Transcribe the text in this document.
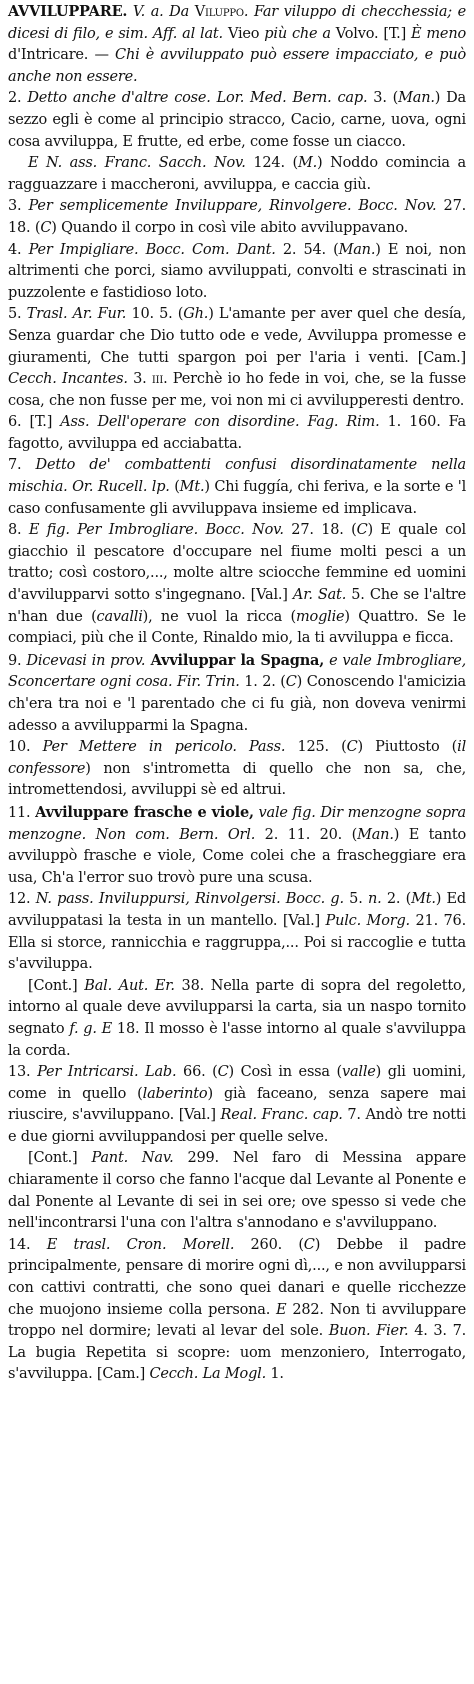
AVVILUPPARE. V. a. Da Viluppo. Far viluppo di checchessia; e dicesi di filo, e sim. Aff. al lat. Vieo più che a Volvo. [T.] È meno d'Intricare. — Chi è avviluppato può essere impacciato, e può anche non essere.

2. Detto anche d'altre cose. Lor. Med. Bern. cap. 3. (Man.) Da sezzo egli è come al principio stracco, Cacio, carne, uova, ogni cosa avviluppa, E frutte, ed erbe, come fosse un ciacco.

E N. ass. Franc. Sacch. Nov. 124. (M.) Noddo comincia a ragguazzare i maccheroni, avviluppa, e caccia giù.

3. Per semplicemente Inviluppare, Rinvolgere. Bocc. Nov. 27. 18. (C) Quando il corpo in così vile abito avviluppavano.

4. Per Impigliare. Bocc. Com. Dant. 2. 54. (Man.) E noi, non altrimenti che porci, siamo avviluppati, convolti e strascinati in puzzolente e fastidioso loto.

5. Trasl. Ar. Fur. 10. 5. (Gh.) L'amante per aver quel che desía, Senza guardar che Dio tutto ode e vede, Avviluppa promesse e giuramenti, Che tutti spargon poi per l'aria i venti. [Cam.] Cecch. Incantes. 3. iii. Perchè io ho fede in voi, che, se la fusse cosa, che non fusse per me, voi non mi ci avvilupperesti dentro.

6. [T.] Ass. Dell'operare con disordine. Fag. Rim. 1. 160. Fa fagotto, avviluppa ed acciabatta.

7. Detto de' combattenti confusi disordinatamente nella mischia. Or. Rucell. lp. (Mt.) Chi fuggía, chi feriva, e la sorte e 'l caso confusamente gli avviluppava insieme ed implicava.

8. E fig. Per Imbrogliare. Bocc. Nov. 27. 18. (C) E quale col giacchio il pescatore d'occupare nel fiume molti pesci a un tratto; così costoro,..., molte altre sciocche femmine ed uomini d'avvilupparvi sotto s'ingegnano. [Val.] Ar. Sat. 5. Che se l'altre n'han due (cavalli), ne vuol la ricca (moglie) Quattro. Se le compiaci, più che il Conte, Rinaldo mio, la ti avviluppa e ficca.

9. Dicevasi in prov. Avviluppar la Spagna, e vale Imbrogliare, Sconcertare ogni cosa. Fir. Trin. 1. 2. (C) Conoscendo l'amicizia ch'era tra noi e 'l parentado che ci fu già, non doveva venirmi adesso a avvilupparmi la Spagna.

10. Per Mettere in pericolo. Pass. 125. (C) Piuttosto (il confessore) non s'intrometta di quello che non sa, che, intromettendosi, avviluppi sè ed altrui.

11. Avviluppare frasche e viole, vale fig. Dir menzogne sopra menzogne. Non com. Bern. Orl. 2. 11. 20. (Man.) E tanto avviluppò frasche e viole, Come colei che a frascheggiare era usa, Ch'a l'error suo trovò pure una scusa.

12. N. pass. Inviluppursi, Rinvolgersi. Bocc. g. 5. n. 2. (Mt.) Ed avviluppatasi la testa in un mantello. [Val.] Pulc. Morg. 21. 76. Ella si storce, rannicchia e raggruppa,... Poi si raccoglie e tutta s'avviluppa.

[Cont.] Bal. Aut. Er. 38. Nella parte di sopra del regoletto, intorno al quale deve avvilupparsi la carta, sia un naspo tornito segnato f. g. E 18. Il mosso è l'asse intorno al quale s'avviluppa la corda.

13. Per Intricarsi. Lab. 66. (C) Così in essa (valle) gli uomini, come in quello (laberinto) già faceano, senza sapere mai riuscire, s'avviluppano. [Val.] Real. Franc. cap. 7. Andò tre notti e due giorni avviluppandosi per quelle selve.

[Cont.] Pant. Nav. 299. Nel faro di Messina appare chiaramente il corso che fanno l'acque dal Levante al Ponente e dal Ponente al Levante di sei in sei ore; ove spesso si vede che nell'incontrarsi l'una con l'altra s'annodano e s'avviluppano.

14. E trasl. Cron. Morell. 260. (C) Debbe il padre principalmente, pensare di morire ogni dì,..., e non avvilupparsi con cattivi contratti, che sono quei danari e quelle ricchezze che muojono insieme colla persona. E 282. Non ti avviluppare troppo nel dormire; levati al levar del sole. Buon. Fier. 4. 3. 7. La bugia Repetita si scopre: uom menzoniero, Interrogato, s'avviluppa. [Cam.] Cecch. La Mogl. 1.
